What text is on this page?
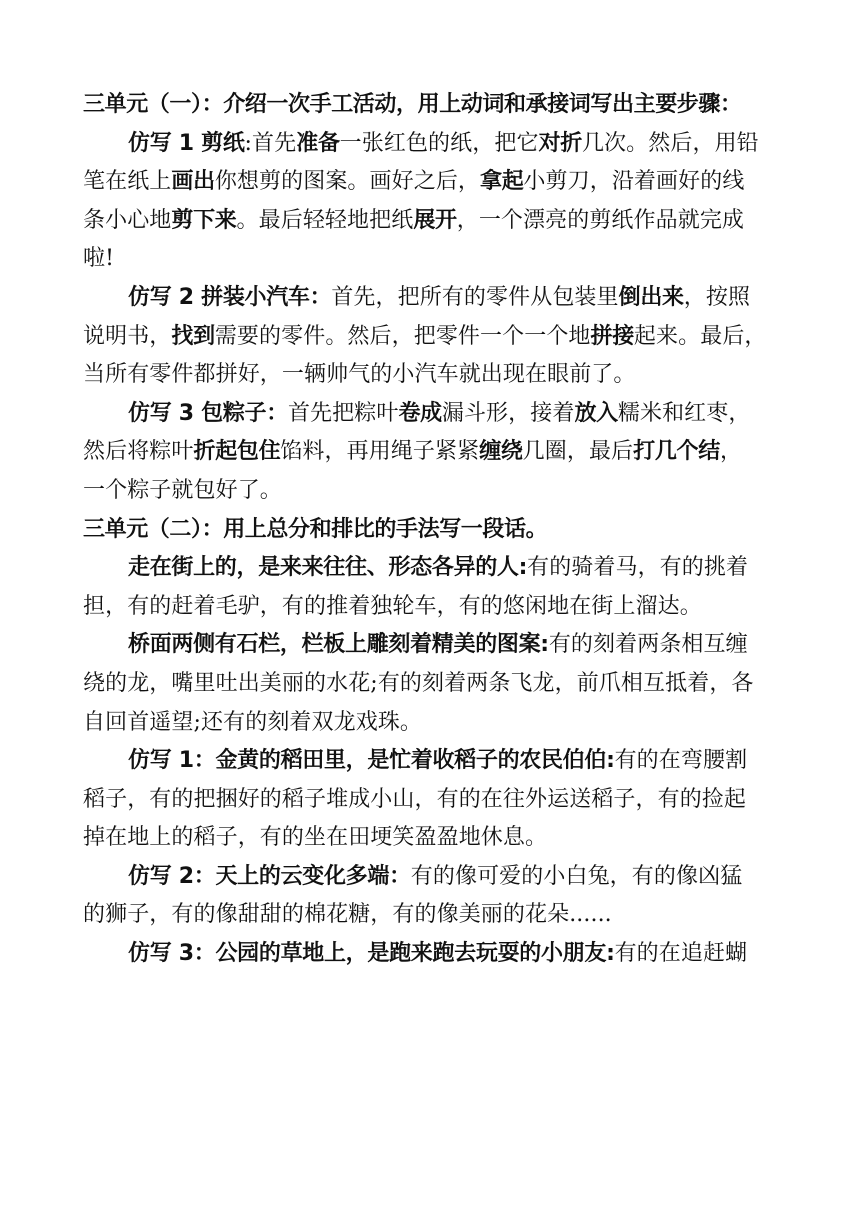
三单元（一）：介绍一次手工活动，用上动词和承接词写出主要步骤：
仿写 1 剪纸:首先准备一张红色的纸，把它对折几次。然后，用铅
笔在纸上画出你想剪的图案。画好之后，拿起小剪刀，沿着画好的线
条小心地剪下来。最后轻轻地把纸展开，一个漂亮的剪纸作品就完成
啦!
仿写 2 拼装小汽车：首先，把所有的零件从包装里倒出来，按照
说明书，找到需要的零件。然后，把零件一个一个地拼接起来。最后，
当所有零件都拼好，一辆帅气的小汽车就出现在眼前了。
仿写 3 包粽子：首先把粽叶卷成漏斗形，接着放入糯米和红枣，
然后将粽叶折起包住馅料，再用绳子紧紧缠绕几圈，最后打几个结，
一个粽子就包好了。
三单元（二）：用上总分和排比的手法写一段话。
走在街上的，是来来往往、形态各异的人:有的骑着马，有的挑着
担，有的赶着毛驴，有的推着独轮车，有的悠闲地在街上溜达。
桥面两侧有石栏，栏板上雕刻着精美的图案:有的刻着两条相互缠
绕的龙，嘴里吐出美丽的水花;有的刻着两条飞龙，前爪相互抵着，各
自回首遥望;还有的刻着双龙戏珠。
仿写 1：金黄的稻田里，是忙着收稻子的农民伯伯:有的在弯腰割
稻子，有的把捆好的稻子堆成小山，有的在往外运送稻子，有的捡起
掉在地上的稻子，有的坐在田埂笑盈盈地休息。
仿写 2：天上的云变化多端：有的像可爱的小白兔，有的像凶猛
的狮子，有的像甜甜的棉花糖，有的像美丽的花朵......
仿写 3：公园的草地上，是跑来跑去玩耍的小朋友:有的在追赶蝴
